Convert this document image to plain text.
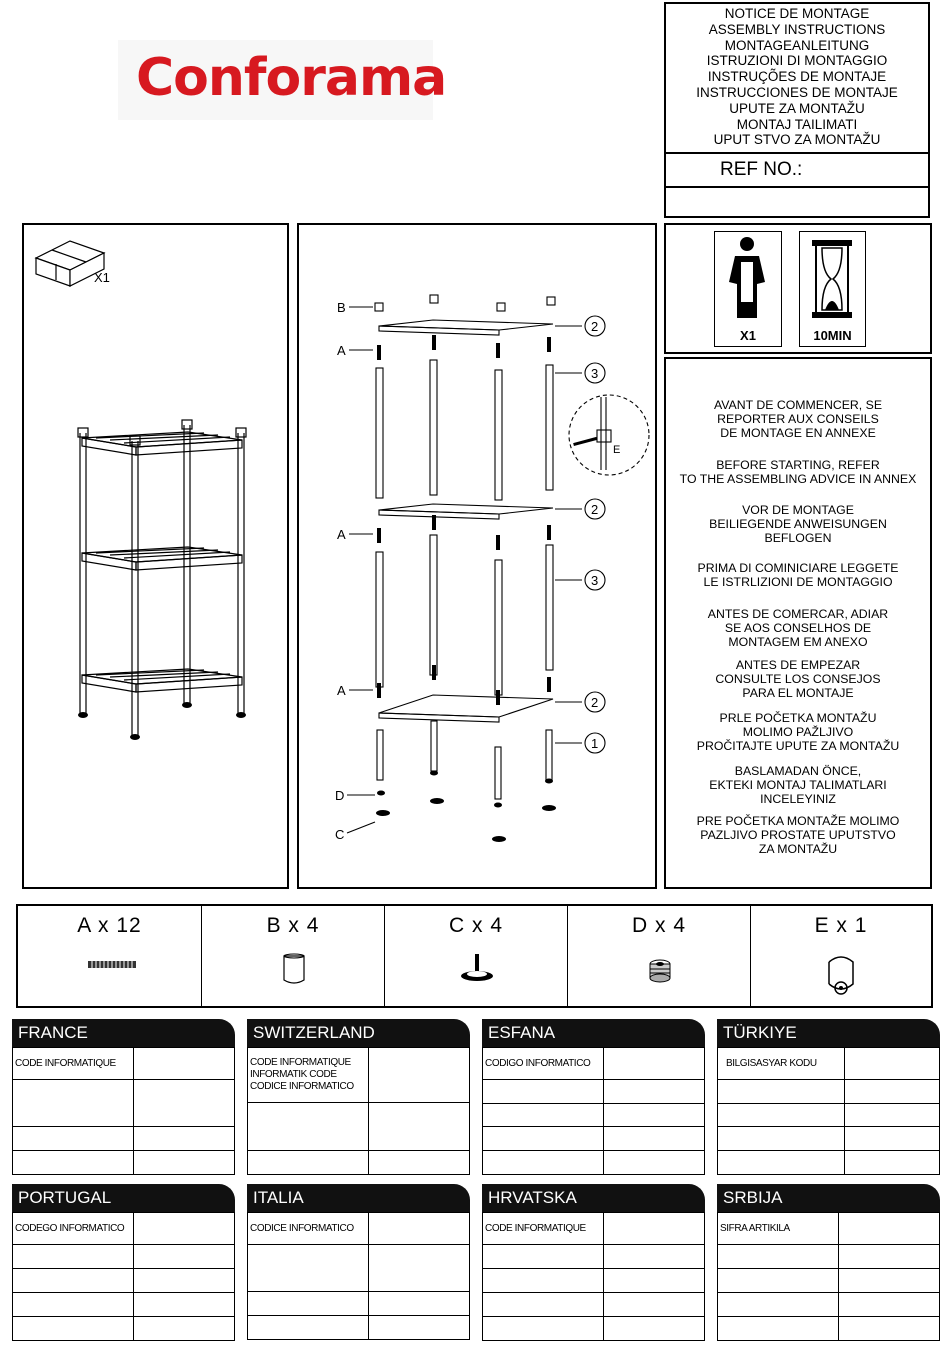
Conforama
NOTICE DE MONTAGE
ASSEMBLY INSTRUCTIONS
MONTAGEANLEITUNG
ISTRUZIONI DI MONTAGGIO
INSTRUÇÕES DE MONTAJE
INSTRUCCIONES DE MONTAJE
UPUTE ZA MONTAŽU
MONTAJ TAILIMATI
UPUT STVO ZA MONTAŽU
REF NO.:
X1
B
A
A
A
D
C
E
2
3
2
3
2
1
X1	10MIN
AVANT DE COMMENCER, SE
REPORTER AUX CONSEILS
DE MONTAGE EN ANNEXE
BEFORE STARTING, REFER
TO THE ASSEMBLING ADVICE IN ANNEX
VOR DE MONTAGE
BEILIEGENDE ANWEISUNGEN
BEFLOGEN
PRIMA DI COMINICIARE LEGGETE
LE ISTRLIZIONI DE MONTAGGIO
ANTES DE COMERCAR, ADIAR
SE AOS CONSELHOS DE
MONTAGEM EM ANEXO
ANTES DE EMPEZAR
CONSULTE LOS CONSEJOS
PARA EL MONTAJE
PRLE POČETKA MONTAŽU
MOLIMO PAŽLJIVO
PROČITAJTE UPUTE ZA MONTAŽU
BASLAMADAN ÖNCE,
EKTEKI MONTAJ TALIMATLARI
INCELEYINIZ
PRE POČETKA MONTAŽE MOLIMO
PAZLJIVO PROSTATE UPUTSTVO
ZA MONTAŽU
A x 12	B x 4	C x 4	D x 4	E x 1
FRANCE
CODE INFORMATIQUE	

SWITZERLAND
CODE INFORMATIQUE
INFORMATIK CODE
CODICE INFORMATICO	

ESFANA
CODIGO INFORMATICO	

TÜRKIYE
BILGISASYAR KODU	

PORTUGAL
CODEGO INFORMATICO	

ITALIA
CODICE INFORMATICO	

HRVATSKA
CODE INFORMATIQUE	

SRBIJA
SIFRA ARTIKILA	
